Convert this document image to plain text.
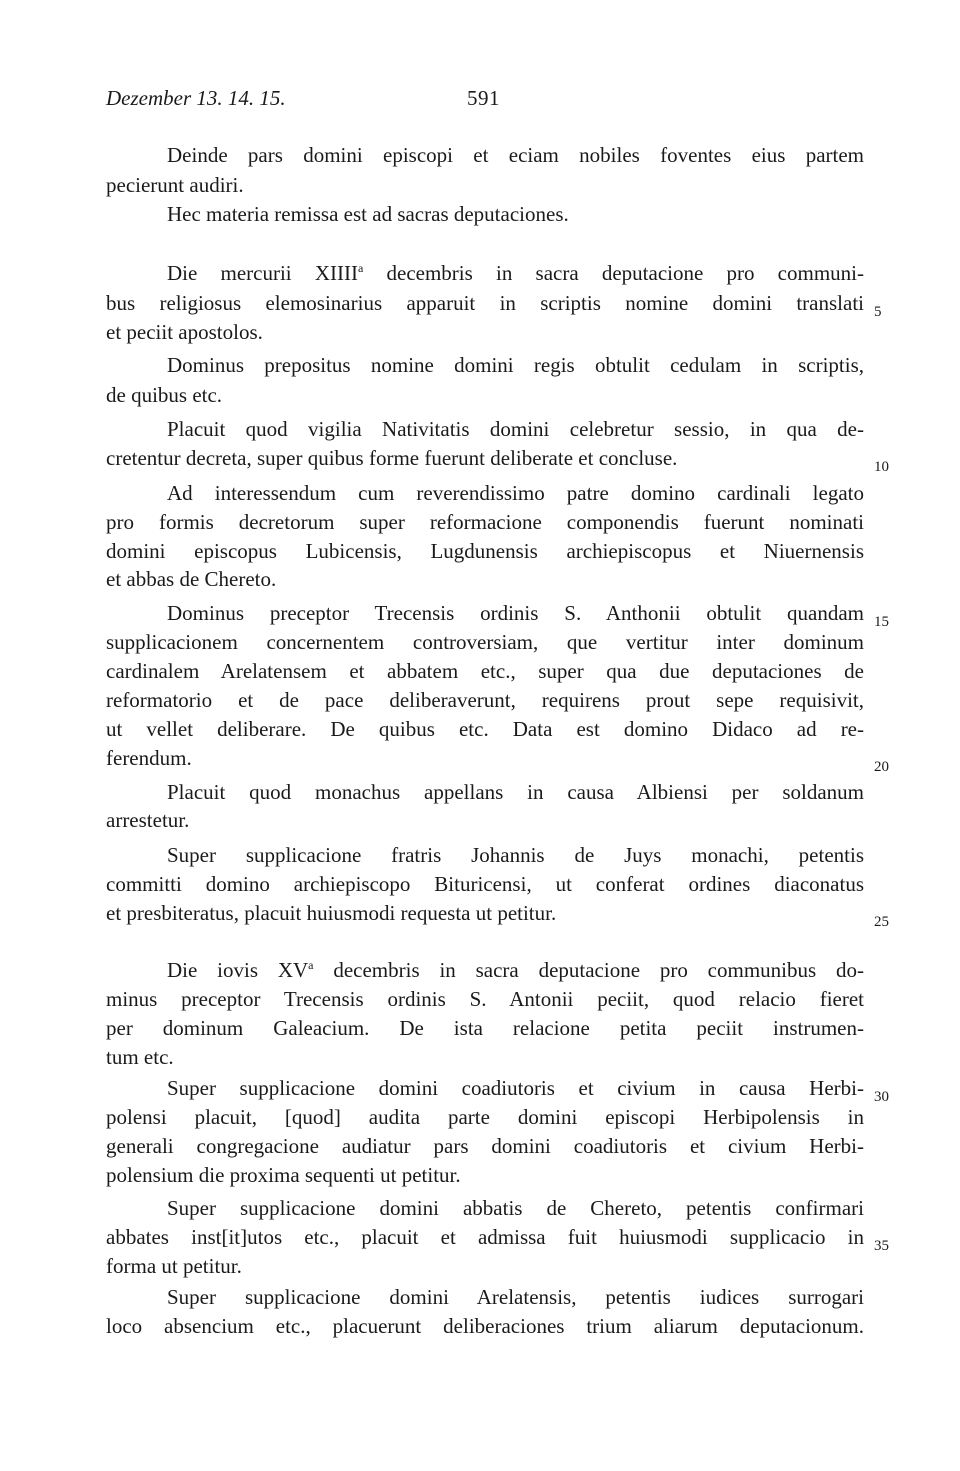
Dezember 13. 14. 15.	591
Deinde pars domini episcopi et eciam nobiles foventes eius partem
pecierunt audiri.
Hec materia remissa est ad sacras deputaciones.
Die mercurii XIIII$^a$ decembris in sacra deputacione pro communi-
bus religiosus elemosinarius apparuit in scriptis nomine domini translati
et peciit apostolos.
Dominus prepositus nomine domini regis obtulit cedulam in scriptis,
de quibus etc.
Placuit quod vigilia Nativitatis domini celebretur sessio, in qua de-
cretentur decreta, super quibus forme fuerunt deliberate et concluse.
Ad interessendum cum reverendissimo patre domino cardinali legato
pro formis decretorum super reformacione componendis fuerunt nominati
domini episcopus Lubicensis, Lugdunensis archiepiscopus et Niuernensis
et abbas de Chereto.
Dominus preceptor Trecensis ordinis S. Anthonii obtulit quandam
supplicacionem concernentem controversiam, que vertitur inter dominum
cardinalem Arelatensem et abbatem etc., super qua due deputaciones de
reformatorio et de pace deliberaverunt, requirens prout sepe requisivit,
ut vellet deliberare. De quibus etc. Data est domino Didaco ad re-
ferendum.
Placuit quod monachus appellans in causa Albiensi per soldanum
arrestetur.
Super supplicacione fratris Johannis de Juys monachi, petentis
committi domino archiepiscopo Bituricensi, ut conferat ordines diaconatus
et presbiteratus, placuit huiusmodi requesta ut petitur.
Die iovis $XV^a$ decembris in sacra deputacione pro communibus do-
minus preceptor Trecensis ordinis S. Antonii peciit, quod relacio fieret
per dominum Galeacium. De ista relacione petita peciit instrumen-
tum etc.
Super supplicacione domini coadiutoris et civium in causa Herbi-
polensi placuit, [quod] audita parte domini episcopi Herbipolensis in
generali congregacione audiatur pars domini coadiutoris et civium Herbi-
polensium die proxima sequenti ut petitur.
Super supplicacione domini abbatis de Chereto, petentis confirmari
abbates inst[it]utos etc., placuit et admissa fuit huiusmodi supplicacio in
forma ut petitur.
Super supplicacione domini Arelatensis, petentis iudices surrogari
loco absencium etc., placuerunt deliberaciones trium aliarum deputacionum.
5
10
15
20
25
30
35
